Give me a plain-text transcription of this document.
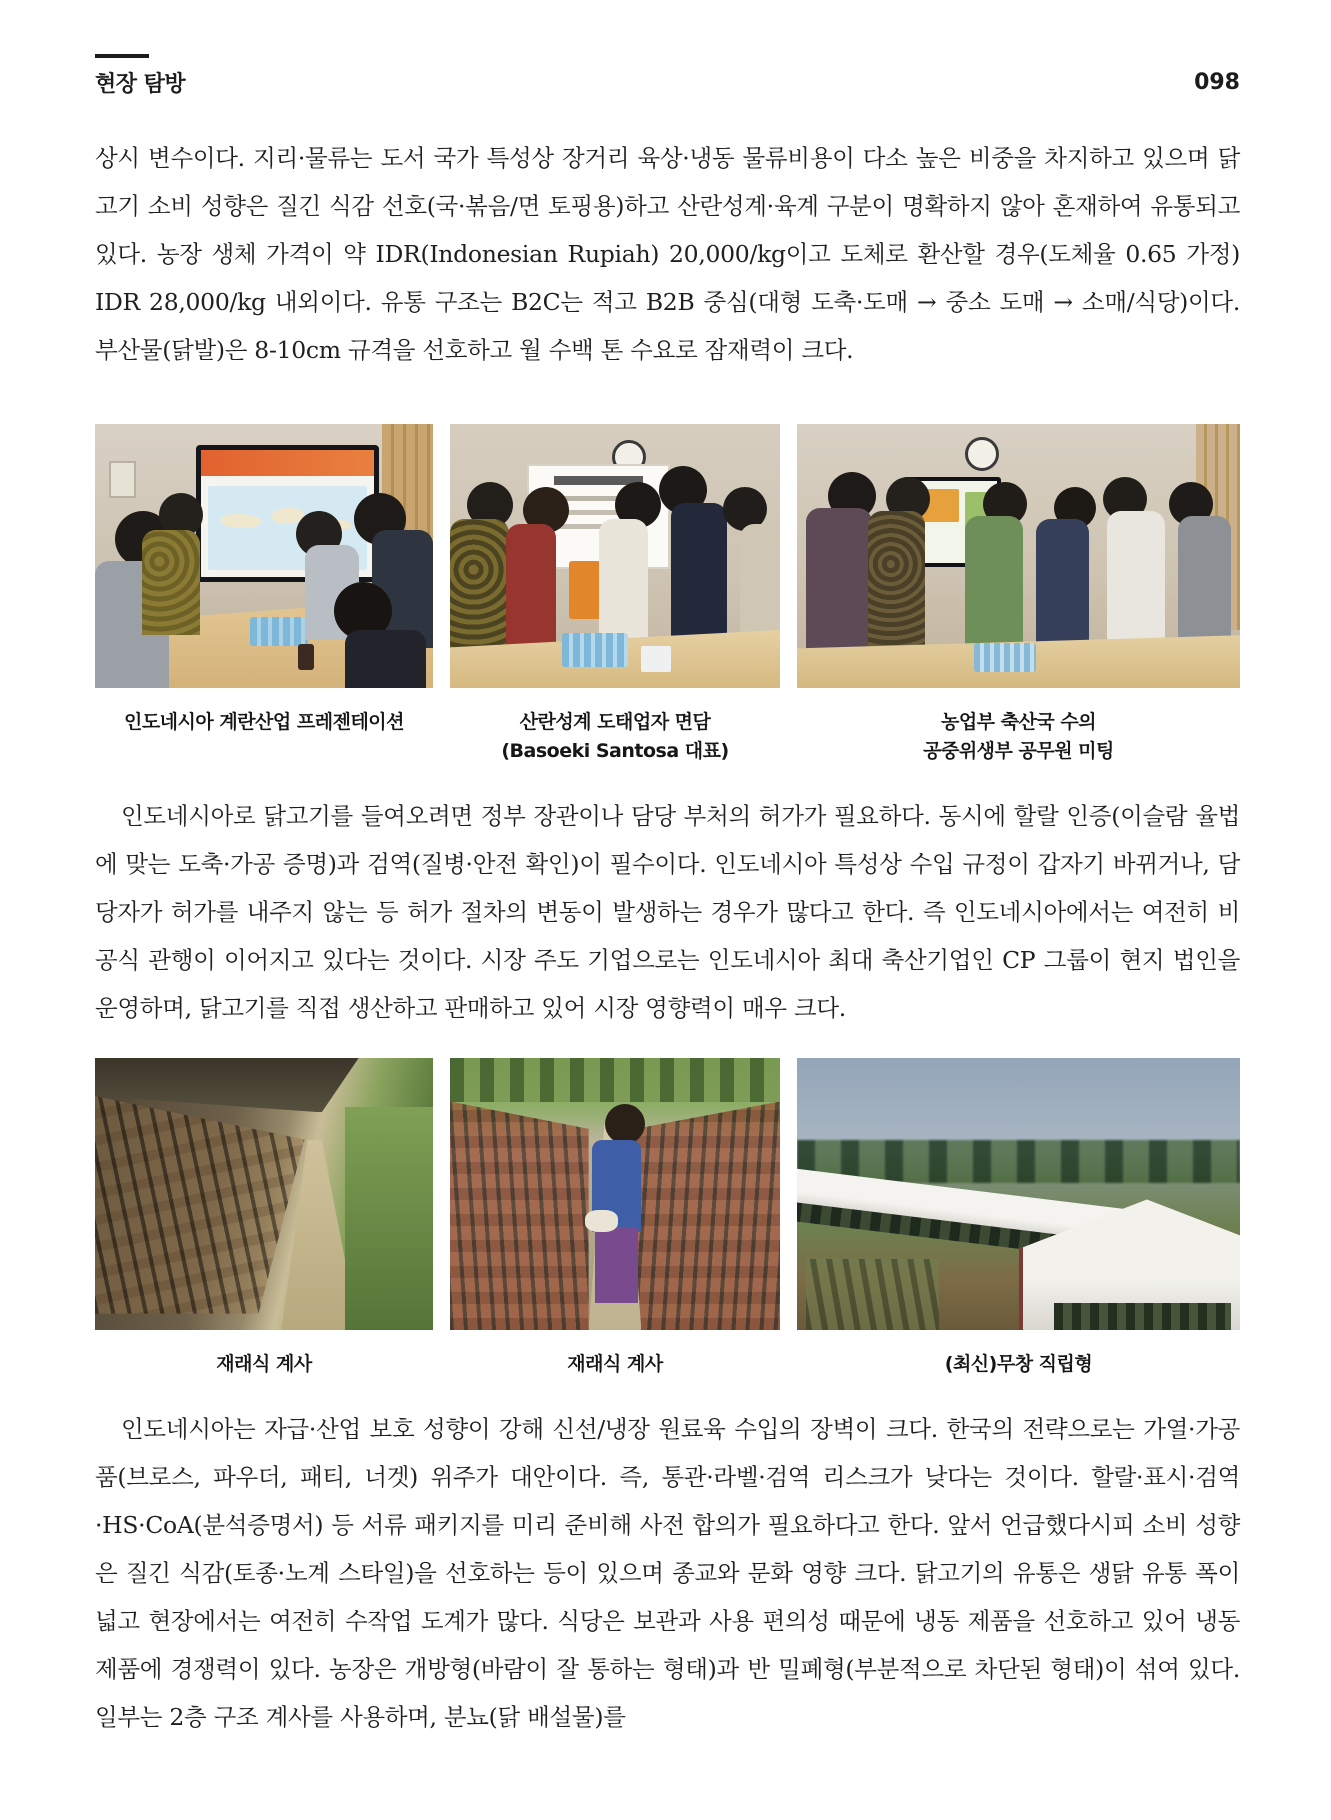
현장 탐방	098

상시 변수이다. 지리·물류는 도서 국가 특성상 장거리 육상·냉동 물류비용이 다소 높은 비중을 차지하고 있으며 닭고기 소비 성향은 질긴 식감 선호(국·볶음/면 토핑용)하고 산란성계·육계 구분이 명확하지 않아 혼재하여 유통되고 있다. 농장 생체 가격이 약 IDR(Indonesian Rupiah) 20,000/kg이고 도체로 환산할 경우(도체율 0.65 가정) IDR 28,000/kg 내외이다. 유통 구조는 B2C는 적고 B2B 중심(대형 도축·도매 → 중소 도매 → 소매/식당)이다. 부산물(닭발)은 8-10cm 규격을 선호하고 월 수백 톤 수요로 잠재력이 크다.

인도네시아 계란산업 프레젠테이션	산란성계 도태업자 면담
(Basoeki Santosa 대표)
농업부 축산국 수의
공중위생부 공무원 미팅

인도네시아로 닭고기를 들여오려면 정부 장관이나 담당 부처의 허가가 필요하다. 동시에 할랄 인증(이슬람 율법에 맞는 도축·가공 증명)과 검역(질병·안전 확인)이 필수이다. 인도네시아 특성상 수입 규정이 갑자기 바뀌거나, 담당자가 허가를 내주지 않는 등 허가 절차의 변동이 발생하는 경우가 많다고 한다. 즉 인도네시아에서는 여전히 비공식 관행이 이어지고 있다는 것이다. 시장 주도 기업으로는 인도네시아 최대 축산기업인 CP 그룹이 현지 법인을 운영하며, 닭고기를 직접 생산하고 판매하고 있어 시장 영향력이 매우 크다.

재래식 계사	재래식 계사	(최신)무창 직립형

인도네시아는 자급·산업 보호 성향이 강해 신선/냉장 원료육 수입의 장벽이 크다. 한국의 전략으로는 가열·가공품(브로스, 파우더, 패티, 너겟) 위주가 대안이다. 즉, 통관·라벨·검역 리스크가 낮다는 것이다. 할랄·표시·검역·HS·CoA(분석증명서) 등 서류 패키지를 미리 준비해 사전 합의가 필요하다고 한다. 앞서 언급했다시피 소비 성향은 질긴 식감(토종·노계 스타일)을 선호하는 등이 있으며 종교와 문화 영향 크다. 닭고기의 유통은 생닭 유통 폭이 넓고 현장에서는 여전히 수작업 도계가 많다. 식당은 보관과 사용 편의성 때문에 냉동 제품을 선호하고 있어 냉동 제품에 경쟁력이 있다. 농장은 개방형(바람이 잘 통하는 형태)과 반 밀폐형(부분적으로 차단된 형태)이 섞여 있다. 일부는 2층 구조 계사를 사용하며, 분뇨(닭 배설물)를
